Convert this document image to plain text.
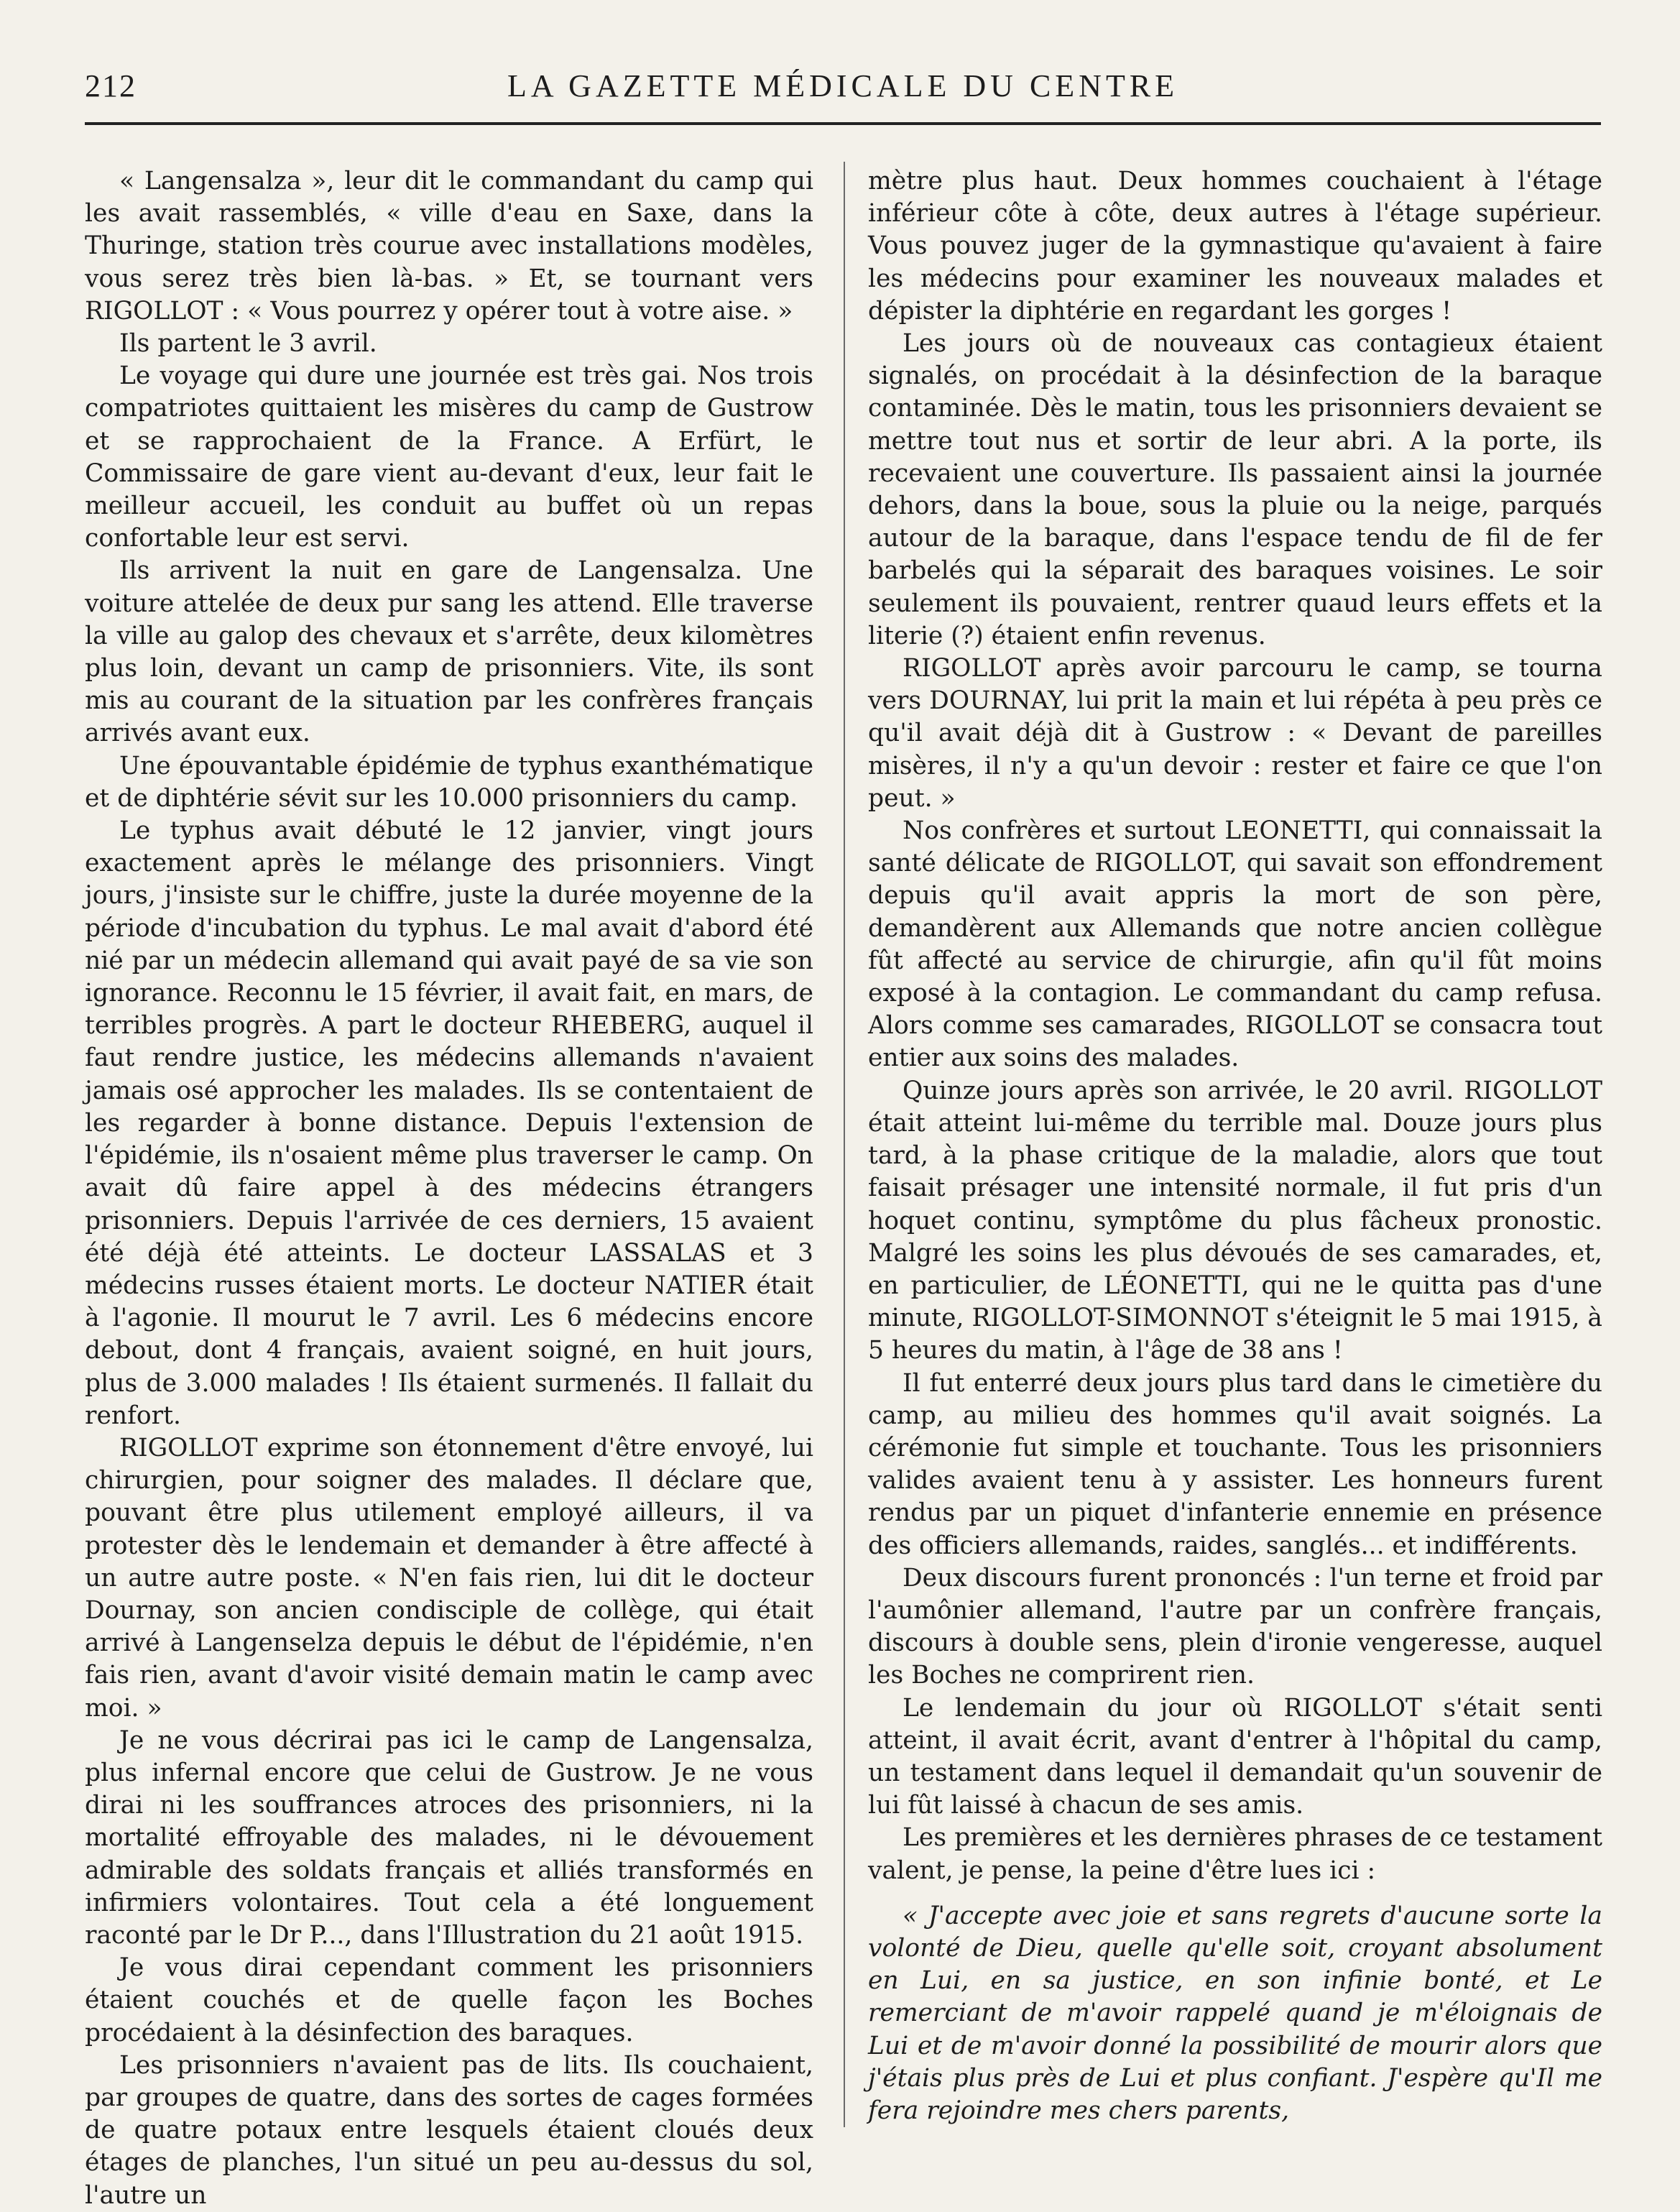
212	LA GAZETTE MÉDICALE DU CENTRE

« Langensalza », leur dit le commandant du camp qui les avait rassemblés, « ville d'eau en Saxe, dans la Thuringe, station très courue avec installations modèles, vous serez très bien là-bas. » Et, se tournant vers RIGOLLOT : « Vous pourrez y opérer tout à votre aise. »

Ils partent le 3 avril.

Le voyage qui dure une journée est très gai. Nos trois compatriotes quittaient les misères du camp de Gustrow et se rapprochaient de la France. A Erfürt, le Commissaire de gare vient au-devant d'eux, leur fait le meilleur accueil, les conduit au buffet où un repas confortable leur est servi.

Ils arrivent la nuit en gare de Langensalza. Une voiture attelée de deux pur sang les attend. Elle traverse la ville au galop des chevaux et s'arrête, deux kilomètres plus loin, devant un camp de prisonniers. Vite, ils sont mis au courant de la situation par les confrères français arrivés avant eux.

Une épouvantable épidémie de typhus exanthématique et de diphtérie sévit sur les 10.000 prisonniers du camp.

Le typhus avait débuté le 12 janvier, vingt jours exactement après le mélange des prisonniers. Vingt jours, j'insiste sur le chiffre, juste la durée moyenne de la période d'incubation du typhus. Le mal avait d'abord été nié par un médecin allemand qui avait payé de sa vie son ignorance. Reconnu le 15 février, il avait fait, en mars, de terribles progrès. A part le docteur RHEBERG, auquel il faut rendre justice, les médecins allemands n'avaient jamais osé approcher les malades. Ils se contentaient de les regarder à bonne distance. Depuis l'extension de l'épidémie, ils n'osaient même plus traverser le camp. On avait dû faire appel à des médecins étrangers prisonniers. Depuis l'arrivée de ces derniers, 15 avaient été déjà été atteints. Le docteur LASSALAS et 3 médecins russes étaient morts. Le docteur NATIER était à l'agonie. Il mourut le 7 avril. Les 6 médecins encore debout, dont 4 français, avaient soigné, en huit jours, plus de 3.000 malades ! Ils étaient surmenés. Il fallait du renfort.

RIGOLLOT exprime son étonnement d'être envoyé, lui chirurgien, pour soigner des malades. Il déclare que, pouvant être plus utilement employé ailleurs, il va protester dès le lendemain et demander à être affecté à un autre autre poste. « N'en fais rien, lui dit le docteur Dournay, son ancien condisciple de collège, qui était arrivé à Langenselza depuis le début de l'épidémie, n'en fais rien, avant d'avoir visité demain matin le camp avec moi. »

Je ne vous décrirai pas ici le camp de Langensalza, plus infernal encore que celui de Gustrow. Je ne vous dirai ni les souffrances atroces des prisonniers, ni la mortalité effroyable des malades, ni le dévouement admirable des soldats français et alliés transformés en infirmiers volontaires. Tout cela a été longuement raconté par le Dr P..., dans l'Illustration du 21 août 1915.

Je vous dirai cependant comment les prisonniers étaient couchés et de quelle façon les Boches procédaient à la désinfection des baraques.

Les prisonniers n'avaient pas de lits. Ils couchaient, par groupes de quatre, dans des sortes de cages formées de quatre potaux entre lesquels étaient cloués deux étages de planches, l'un situé un peu au-dessus du sol, l'autre un

mètre plus haut. Deux hommes couchaient à l'étage inférieur côte à côte, deux autres à l'étage supérieur. Vous pouvez juger de la gymnastique qu'avaient à faire les médecins pour examiner les nouveaux malades et dépister la diphtérie en regardant les gorges !

Les jours où de nouveaux cas contagieux étaient signalés, on procédait à la désinfection de la baraque contaminée. Dès le matin, tous les prisonniers devaient se mettre tout nus et sortir de leur abri. A la porte, ils recevaient une couverture. Ils passaient ainsi la journée dehors, dans la boue, sous la pluie ou la neige, parqués autour de la baraque, dans l'espace tendu de fil de fer barbelés qui la séparait des baraques voisines. Le soir seulement ils pouvaient, rentrer quaud leurs effets et la literie (?) étaient enfin revenus.

RIGOLLOT après avoir parcouru le camp, se tourna vers DOURNAY, lui prit la main et lui répéta à peu près ce qu'il avait déjà dit à Gustrow : « Devant de pareilles misères, il n'y a qu'un devoir : rester et faire ce que l'on peut. »

Nos confrères et surtout LEONETTI, qui connaissait la santé délicate de RIGOLLOT, qui savait son effondrement depuis qu'il avait appris la mort de son père, demandèrent aux Allemands que notre ancien collègue fût affecté au service de chirurgie, afin qu'il fût moins exposé à la contagion. Le commandant du camp refusa. Alors comme ses camarades, RIGOLLOT se consacra tout entier aux soins des malades.

Quinze jours après son arrivée, le 20 avril. RIGOLLOT était atteint lui-même du terrible mal. Douze jours plus tard, à la phase critique de la maladie, alors que tout faisait présager une intensité normale, il fut pris d'un hoquet continu, symptôme du plus fâcheux pronostic. Malgré les soins les plus dévoués de ses camarades, et, en particulier, de LÉONETTI, qui ne le quitta pas d'une minute, RIGOLLOT-SIMONNOT s'éteignit le 5 mai 1915, à 5 heures du matin, à l'âge de 38 ans !

Il fut enterré deux jours plus tard dans le cimetière du camp, au milieu des hommes qu'il avait soignés. La cérémonie fut simple et touchante. Tous les prisonniers valides avaient tenu à y assister. Les honneurs furent rendus par un piquet d'infanterie ennemie en présence des officiers allemands, raides, sanglés... et indifférents.

Deux discours furent prononcés : l'un terne et froid par l'aumônier allemand, l'autre par un confrère français, discours à double sens, plein d'ironie vengeresse, auquel les Boches ne comprirent rien.

Le lendemain du jour où RIGOLLOT s'était senti atteint, il avait écrit, avant d'entrer à l'hôpital du camp, un testament dans lequel il demandait qu'un souvenir de lui fût laissé à chacun de ses amis.

Les premières et les dernières phrases de ce testament valent, je pense, la peine d'être lues ici :

« J'accepte avec joie et sans regrets d'aucune sorte la volonté de Dieu, quelle qu'elle soit, croyant absolument en Lui, en sa justice, en son infinie bonté, et Le remerciant de m'avoir rappelé quand je m'éloignais de Lui et de m'avoir donné la possibilité de mourir alors que j'étais plus près de Lui et plus confiant. J'espère qu'Il me fera rejoindre mes chers parents,
